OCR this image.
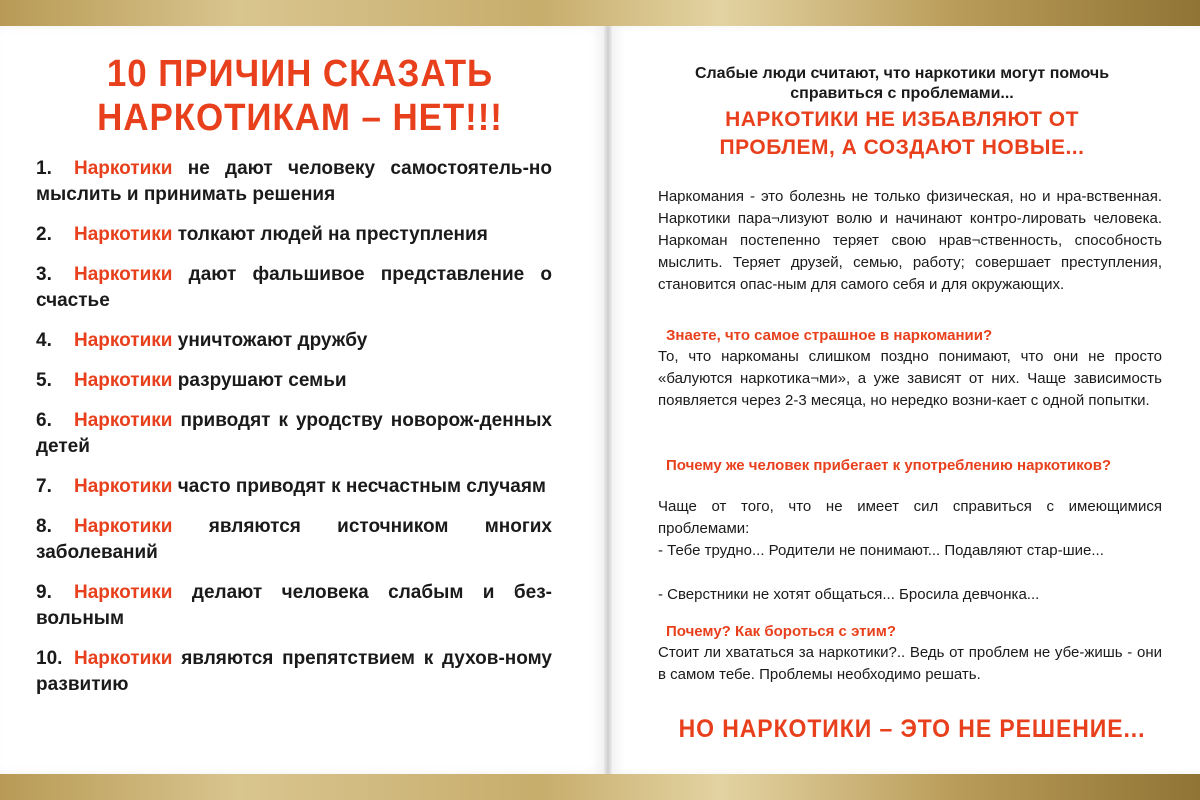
10 ПРИЧИН СКАЗАТЬ
НАРКОТИКАМ – НЕТ!!!
1. Наркотики не дают человеку самостоятель-но мыслить и принимать решения
2. Наркотики толкают людей на преступления
3. Наркотики дают фальшивое представление о счастье
4. Наркотики уничтожают дружбу
5. Наркотики разрушают семьи
6. Наркотики приводят к уродству новорож-денных детей
7. Наркотики часто приводят к несчастным случаям
8. Наркотики являются источником многих заболеваний
9. Наркотики делают человека слабым и без-вольным
10. Наркотики являются препятствием к духов-ному развитию
Слабые люди считают, что наркотики могут помочь справиться с проблемами...
НАРКОТИКИ НЕ ИЗБАВЛЯЮТ ОТ ПРОБЛЕМ, А СОЗДАЮТ НОВЫЕ...

Наркомания - это болезнь не только физическая, но и нра-вственная. Наркотики пара¬лизуют волю и начинают контро-лировать человека. Наркоман постепенно теряет свою нрав¬ственность, способность мыслить. Теряет друзей, семью, работу; совершает преступления, становится опас-ным для самого себя и для окружающих.

Знаете, что самое страшное в наркомании?

То, что наркоманы слишком поздно понимают, что они не просто «балуются наркотика¬ми», а уже зависят от них. Чаще зависимость появляется через 2-3 месяца, но нередко возни-кает с одной попытки.

Почему же человек прибегает к употреблению наркотиков?

Чаще от того, что не имеет сил справиться с имеющимися проблемами:

- Тебе трудно... Родители не понимают... Подавляют стар-шие...

- Сверстники не хотят общаться... Бросила девчонка...

Почему? Как бороться с этим?

Стоит ли хвататься за наркотики?.. Ведь от проблем не убе-жишь - они в самом тебе. Проблемы необходимо решать.

НО НАРКОТИКИ – ЭТО НЕ РЕШЕНИЕ...
